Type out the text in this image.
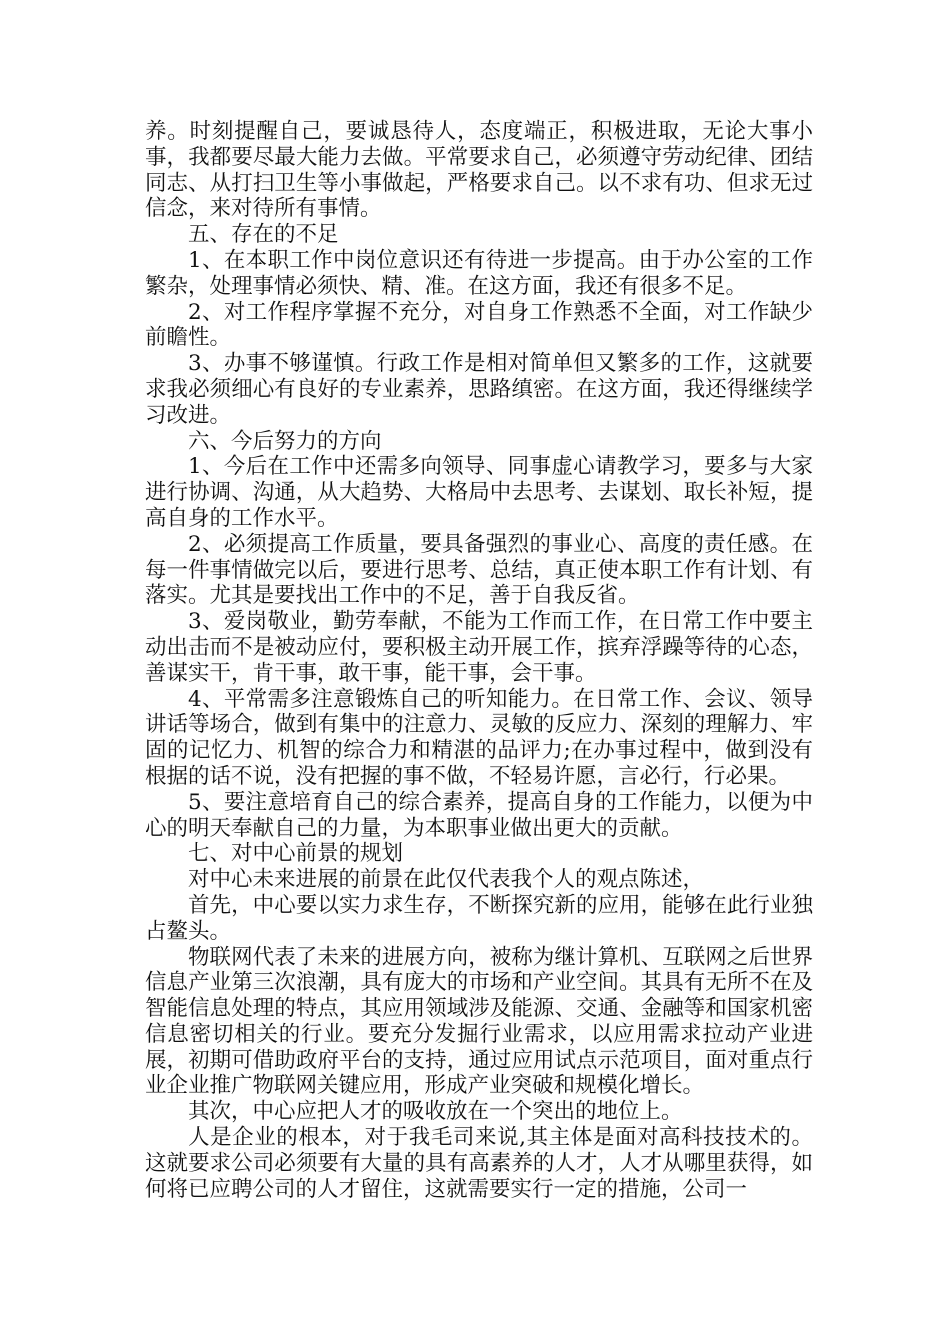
养。时刻提醒自己，要诚恳待人，态度端正，积极进取，无论大事小事，我都要尽最大能力去做。平常要求自己，必须遵守劳动纪律、团结同志、从打扫卫生等小事做起，严格要求自己。以不求有功、但求无过信念，来对待所有事情。

五、存在的不足

1、在本职工作中岗位意识还有待进一步提高。由于办公室的工作繁杂，处理事情必须快、精、准。在这方面，我还有很多不足。

2、对工作程序掌握不充分，对自身工作熟悉不全面，对工作缺少前瞻性。

3、办事不够谨慎。行政工作是相对简单但又繁多的工作，这就要求我必须细心有良好的专业素养，思路缜密。在这方面，我还得继续学习改进。

六、今后努力的方向

1、今后在工作中还需多向领导、同事虚心请教学习，要多与大家进行协调、沟通，从大趋势、大格局中去思考、去谋划、取长补短，提高自身的工作水平。

2、必须提高工作质量，要具备强烈的事业心、高度的责任感。在每一件事情做完以后，要进行思考、总结，真正使本职工作有计划、有落实。尤其是要找出工作中的不足，善于自我反省。

3、爱岗敬业，勤劳奉献，不能为工作而工作，在日常工作中要主动出击而不是被动应付，要积极主动开展工作，摈弃浮躁等待的心态，善谋实干，肯干事，敢干事，能干事，会干事。

4、平常需多注意锻炼自己的听知能力。在日常工作、会议、领导讲话等场合，做到有集中的注意力、灵敏的反应力、深刻的理解力、牢固的记忆力、机智的综合力和精湛的品评力;在办事过程中，做到没有根据的话不说，没有把握的事不做，不轻易许愿，言必行，行必果。

5、要注意培育自己的综合素养，提高自身的工作能力，以便为中心的明天奉献自己的力量，为本职事业做出更大的贡献。

七、对中心前景的规划

对中心未来进展的前景在此仅代表我个人的观点陈述，

首先，中心要以实力求生存，不断探究新的应用，能够在此行业独占鳌头。

物联网代表了未来的进展方向，被称为继计算机、互联网之后世界信息产业第三次浪潮，具有庞大的市场和产业空间。其具有无所不在及智能信息处理的特点，其应用领域涉及能源、交通、金融等和国家机密信息密切相关的行业。要充分发掘行业需求，以应用需求拉动产业进展，初期可借助政府平台的支持，通过应用试点示范项目，面对重点行业企业推广物联网关键应用，形成产业突破和规模化增长。

其次，中心应把人才的吸收放在一个突出的地位上。

人是企业的根本，对于我毛司来说,其主体是面对高科技技术的。这就要求公司必须要有大量的具有高素养的人才，人才从哪里获得，如何将已应聘公司的人才留住，这就需要实行一定的措施，公司一
